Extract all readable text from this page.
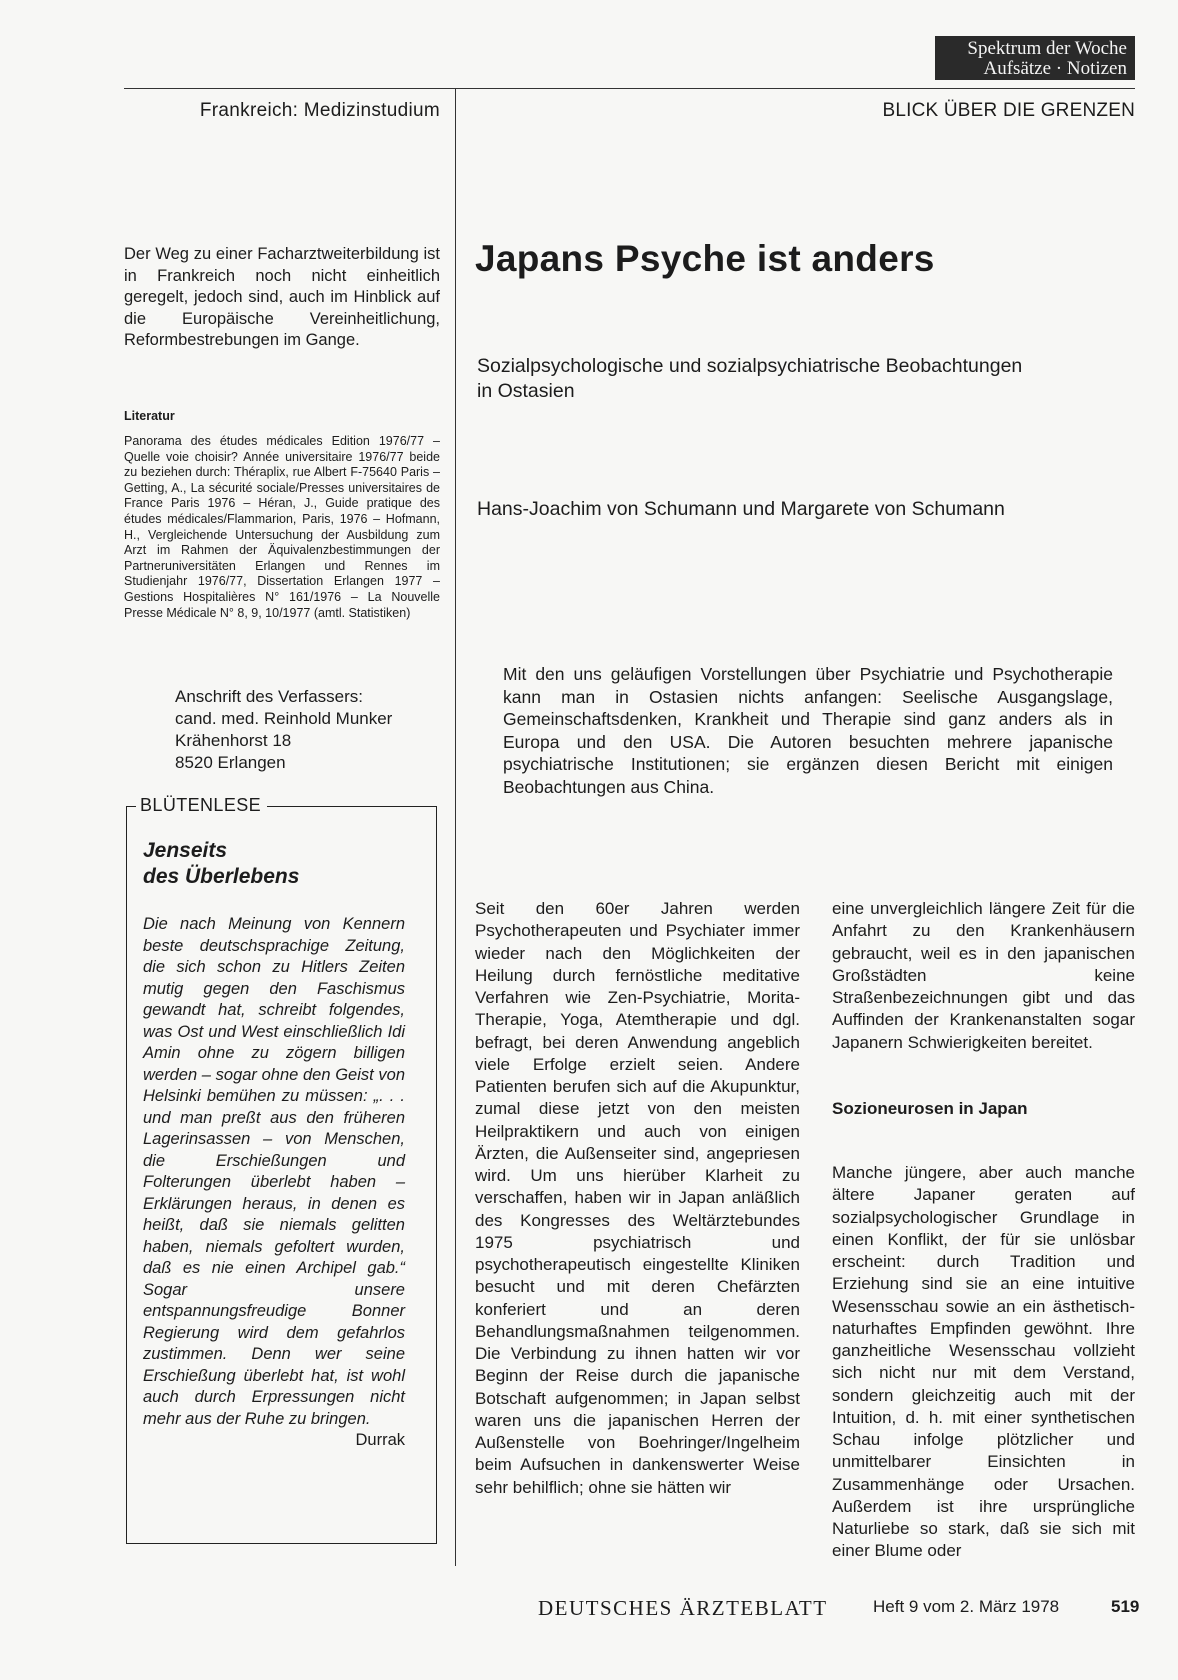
Spektrum der Woche
Aufsätze · Notizen
Frankreich: Medizinstudium	BLICK ÜBER DIE GRENZEN
Der Weg zu einer Facharztweiterbildung ist in Frankreich noch nicht einheitlich geregelt, jedoch sind, auch im Hinblick auf die Europäische Vereinheitlichung, Reformbestrebungen im Gange.
Literatur
Panorama des études médicales Edition 1976/77 – Quelle voie choisir? Année universitaire 1976/77 beide zu beziehen durch: Théraplix, rue Albert F-75640 Paris – Getting, A., La sécurité sociale/Presses universitaires de France Paris 1976 – Héran, J., Guide pratique des études médicales/Flammarion, Paris, 1976 – Hofmann, H., Vergleichende Untersuchung der Ausbildung zum Arzt im Rahmen der Äquivalenzbestimmungen der Partneruniversitäten Erlangen und Rennes im Studienjahr 1976/77, Dissertation Erlangen 1977 – Gestions Hospitalières N° 161/1976 – La Nouvelle Presse Médicale N° 8, 9, 10/1977 (amtl. Statistiken)
Anschrift des Verfassers:
cand. med. Reinhold Munker
Krähenhorst 18
8520 Erlangen
BLÜTENLESE
Jenseits
des Überlebens
Die nach Meinung von Kennern beste deutschsprachige Zeitung, die sich schon zu Hitlers Zeiten mutig gegen den Faschismus gewandt hat, schreibt folgendes, was Ost und West einschließlich Idi Amin ohne zu zögern billigen werden – sogar ohne den Geist von Helsinki bemühen zu müssen: „. . . und man preßt aus den früheren Lagerinsassen – von Menschen, die Erschießungen und Folterungen überlebt haben – Erklärungen heraus, in denen es heißt, daß sie niemals gelitten haben, niemals gefoltert wurden, daß es nie einen Archipel gab.“ Sogar unsere entspannungsfreudige Bonner Regierung wird dem gefahrlos zustimmen. Denn wer seine Erschießung überlebt hat, ist wohl auch durch Erpressungen nicht mehr aus der Ruhe zu bringen.
Durrak
Japans Psyche ist anders
Sozialpsychologische und sozialpsychiatrische Beobachtungen
in Ostasien
Hans-Joachim von Schumann und Margarete von Schumann
Mit den uns geläufigen Vorstellungen über Psychiatrie und Psychotherapie kann man in Ostasien nichts anfangen: Seelische Ausgangslage, Gemeinschaftsdenken, Krankheit und Therapie sind ganz anders als in Europa und den USA. Die Autoren besuchten mehrere japanische psychiatrische Institutionen; sie ergänzen diesen Bericht mit einigen Beobachtungen aus China.
Seit den 60er Jahren werden Psychotherapeuten und Psychiater immer wieder nach den Möglichkeiten der Heilung durch fernöstliche meditative Verfahren wie Zen-Psychiatrie, Morita-Therapie, Yoga, Atemtherapie und dgl. befragt, bei deren Anwendung angeblich viele Erfolge erzielt seien. Andere Patienten berufen sich auf die Akupunktur, zumal diese jetzt von den meisten Heilpraktikern und auch von einigen Ärzten, die Außenseiter sind, angepriesen wird. Um uns hierüber Klarheit zu verschaffen, haben wir in Japan anläßlich des Kongresses des Weltärztebundes 1975 psychiatrisch und psychotherapeutisch eingestellte Kliniken besucht und mit deren Chefärzten konferiert und an deren Behandlungsmaßnahmen teilgenommen. Die Verbindung zu ihnen hatten wir vor Beginn der Reise durch die japanische Botschaft aufgenommen; in Japan selbst waren uns die japanischen Herren der Außenstelle von Boehringer/Ingelheim beim Aufsuchen in dankenswerter Weise sehr behilflich; ohne sie hätten wir

eine unvergleichlich längere Zeit für die Anfahrt zu den Krankenhäusern gebraucht, weil es in den japanischen Großstädten keine Straßenbezeichnungen gibt und das Auffinden der Krankenanstalten sogar Japanern Schwierigkeiten bereitet.

Sozioneurosen in Japan

Manche jüngere, aber auch manche ältere Japaner geraten auf sozialpsychologischer Grundlage in einen Konflikt, der für sie unlösbar erscheint: durch Tradition und Erziehung sind sie an eine intuitive Wesensschau sowie an ein ästhetisch-naturhaftes Empfinden gewöhnt. Ihre ganzheitliche Wesensschau vollzieht sich nicht nur mit dem Verstand, sondern gleichzeitig auch mit der Intuition, d. h. mit einer synthetischen Schau infolge plötzlicher und unmittelbarer Einsichten in Zusammenhänge oder Ursachen. Außerdem ist ihre ursprüngliche Naturliebe so stark, daß sie sich mit einer Blume oder

DEUTSCHES ÄRZTEBLATT	Heft 9 vom 2. März 1978	519
